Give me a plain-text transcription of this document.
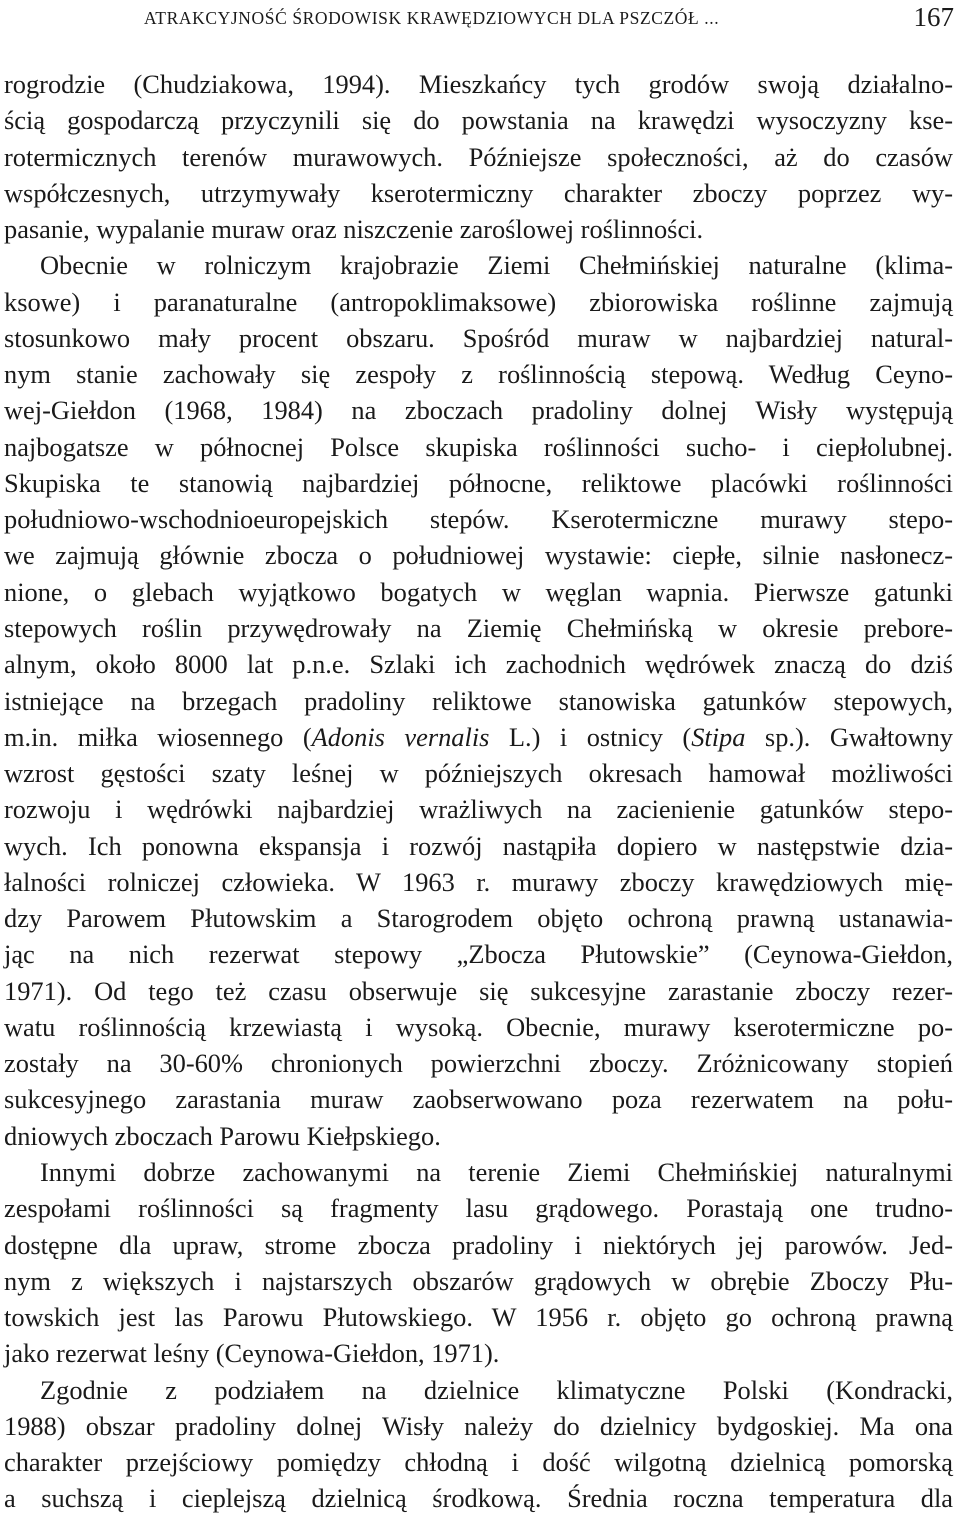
ATRAKCYJNOŚĆ ŚRODOWISK KRAWĘDZIOWYCH DLA PSZCZÓŁ ...	167
rogrodzie (Chudziakowa, 1994). Mieszkańcy tych grodów swoją działalno-
ścią gospodarczą przyczynili się do powstania na krawędzi wysoczyzny kse-
rotermicznych terenów murawowych. Późniejsze społeczności, aż do czasów
współczesnych, utrzymywały kserotermiczny charakter zboczy poprzez wy-
pasanie, wypalanie muraw oraz niszczenie zaroślowej roślinności.
Obecnie w rolniczym krajobrazie Ziemi Chełmińskiej naturalne (klima-
ksowe) i paranaturalne (antropoklimaksowe) zbiorowiska roślinne zajmują
stosunkowo mały procent obszaru. Spośród muraw w najbardziej natural-
nym stanie zachowały się zespoły z roślinnością stepową. Według Ceyno-
wej-Giełdon (1968, 1984) na zboczach pradoliny dolnej Wisły występują
najbogatsze w północnej Polsce skupiska roślinności sucho- i ciepłolubnej.
Skupiska te stanowią najbardziej północne, reliktowe placówki roślinności
południowo-wschodnioeuropejskich stepów. Kserotermiczne murawy stepo-
we zajmują głównie zbocza o południowej wystawie: ciepłe, silnie nasłonecz-
nione, o glebach wyjątkowo bogatych w węglan wapnia. Pierwsze gatunki
stepowych roślin przywędrowały na Ziemię Chełmińską w okresie prebore-
alnym, około 8000 lat p.n.e. Szlaki ich zachodnich wędrówek znaczą do dziś
istniejące na brzegach pradoliny reliktowe stanowiska gatunków stepowych,
m.in. miłka wiosennego (Adonis vernalis L.) i ostnicy (Stipa sp.). Gwałtowny
wzrost gęstości szaty leśnej w późniejszych okresach hamował możliwości
rozwoju i wędrówki najbardziej wrażliwych na zacienienie gatunków stepo-
wych. Ich ponowna ekspansja i rozwój nastąpiła dopiero w następstwie dzia-
łalności rolniczej człowieka. W 1963 r. murawy zboczy krawędziowych mię-
dzy Parowem Płutowskim a Starogrodem objęto ochroną prawną ustanawia-
jąc na nich rezerwat stepowy „Zbocza Płutowskie” (Ceynowa-Giełdon,
1971). Od tego też czasu obserwuje się sukcesyjne zarastanie zboczy rezer-
watu roślinnością krzewiastą i wysoką. Obecnie, murawy kserotermiczne po-
zostały na 30-60% chronionych powierzchni zboczy. Zróżnicowany stopień
sukcesyjnego zarastania muraw zaobserwowano poza rezerwatem na połu-
dniowych zboczach Parowu Kiełpskiego.
Innymi dobrze zachowanymi na terenie Ziemi Chełmińskiej naturalnymi
zespołami roślinności są fragmenty lasu grądowego. Porastają one trudno-
dostępne dla upraw, strome zbocza pradoliny i niektórych jej parowów. Jed-
nym z większych i najstarszych obszarów grądowych w obrębie Zboczy Płu-
towskich jest las Parowu Płutowskiego. W 1956 r. objęto go ochroną prawną
jako rezerwat leśny (Ceynowa-Giełdon, 1971).
Zgodnie z podziałem na dzielnice klimatyczne Polski (Kondracki,
1988) obszar pradoliny dolnej Wisły należy do dzielnicy bydgoskiej. Ma ona
charakter przejściowy pomiędzy chłodną i dość wilgotną dzielnicą pomorską
a suchszą i cieplejszą dzielnicą środkową. Średnia roczna temperatura dla
